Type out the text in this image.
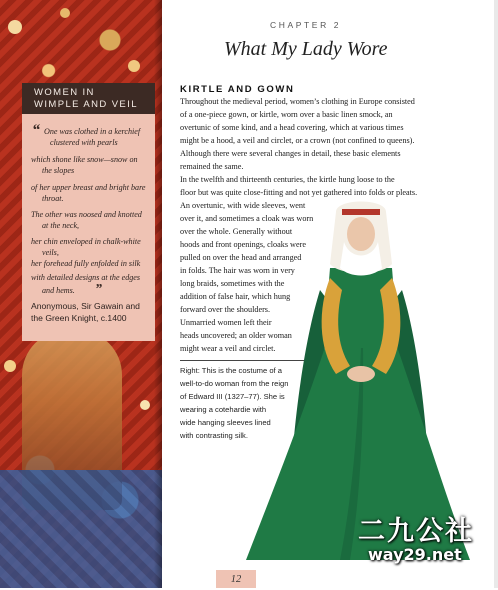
WOMEN IN
WIMPLE AND VEIL
“ One was clothed in a kerchief
clustered with pearls
which shone like snow—snow on
the slopes
of her upper breast and bright bare
throat.
The other was noosed and knotted
at the neck,
her chin enveloped in chalk-white
veils,
her forehead fully enfolded in silk
with detailed designs at the edges
and hems. ”
Anonymous, Sir Gawain and
the Green Knight, c.1400
CHAPTER 2
What My Lady Wore
KIRTLE AND GOWN
Throughout the medieval period, women’s clothing in Europe consisted
of a one-piece gown, or kirtle, worn over a basic linen smock, an
overtunic of some kind, and a head covering, which at various times
might be a hood, a veil and circlet, or a crown (not confined to queens).
Although there were several changes in detail, these basic elements
remained the same.
In the twelfth and thirteenth centuries, the kirtle hung loose to the
floor but was quite close-fitting and not yet gathered into folds or pleats.
An overtunic, with wide sleeves, went
over it, and sometimes a cloak was worn
over the whole. Generally without
hoods and front openings, cloaks were
pulled on over the head and arranged
in folds. The hair was worn in very
long braids, sometimes with the
addition of false hair, which hung
forward over the shoulders.
Unmarried women left their
heads uncovered; an older woman
might wear a veil and circlet.
Right: This is the costume of a
well-to-do woman from the reign
of Edward III (1327–77). She is
wearing a cotehardie with
wide hanging sleeves lined
with contrasting silk.
二九公社
way29.net
12
